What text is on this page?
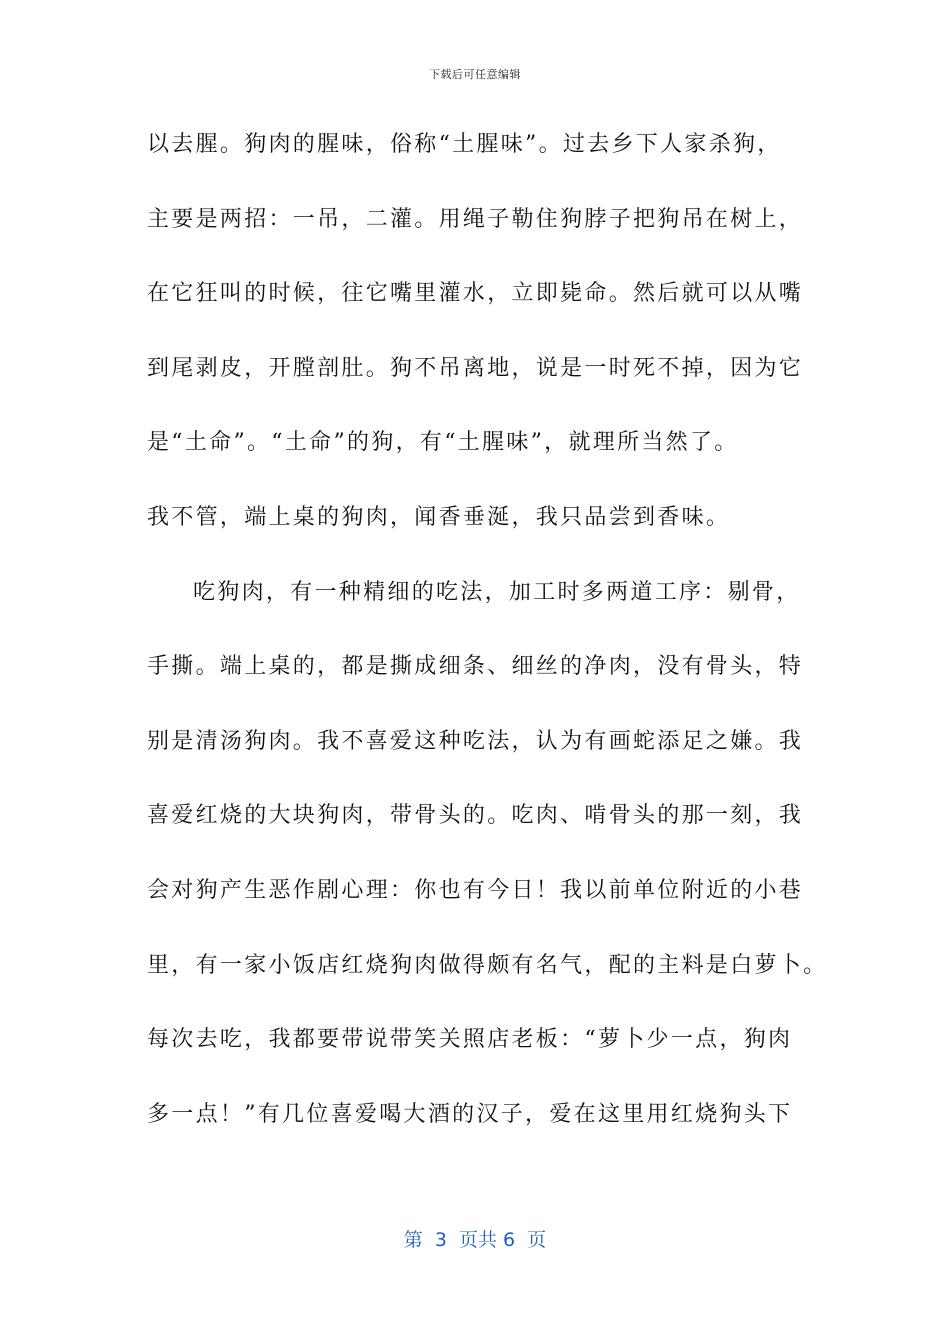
下载后可任意编辑
以去腥。狗肉的腥味，俗称“土腥味”。过去乡下人家杀狗，
主要是两招：一吊，二灌。用绳子勒住狗脖子把狗吊在树上，
在它狂叫的时候，往它嘴里灌水，立即毙命。然后就可以从嘴
到尾剥皮，开膛剖肚。狗不吊离地，说是一时死不掉，因为它
是“土命”。“土命”的狗，有“土腥味”，就理所当然了。
我不管，端上桌的狗肉，闻香垂涎，我只品尝到香味。
吃狗肉，有一种精细的吃法，加工时多两道工序：剔骨，
手撕。端上桌的，都是撕成细条、细丝的净肉，没有骨头，特
别是清汤狗肉。我不喜爱这种吃法，认为有画蛇添足之嫌。我
喜爱红烧的大块狗肉，带骨头的。吃肉、啃骨头的那一刻，我
会对狗产生恶作剧心理：你也有今日！我以前单位附近的小巷
里，有一家小饭店红烧狗肉做得颇有名气，配的主料是白萝卜。
每次去吃，我都要带说带笑关照店老板：“萝卜少一点，狗肉
多一点！”有几位喜爱喝大酒的汉子，爱在这里用红烧狗头下
第  3  页共 6  页
